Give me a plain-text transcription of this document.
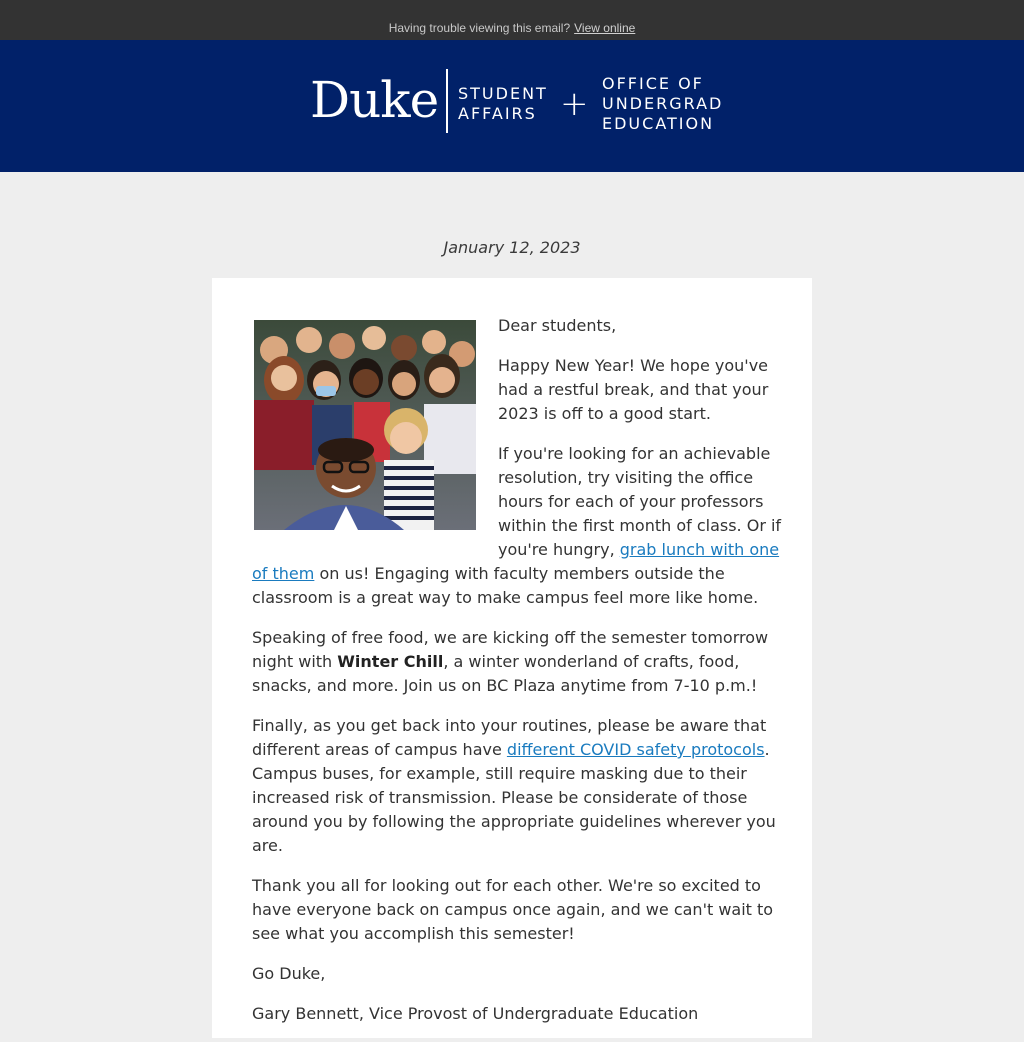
Having trouble viewing this email? View online
Duke STUDENT
AFFAIRS +
OFFICE OF
UNDERGRAD
EDUCATION
January 12, 2023

Dear students,

Happy New Year! We hope you've had a restful break, and that your 2023 is off to a good start.

If you're looking for an achievable resolution, try visiting the office hours for each of your professors within the first month of class. Or if you're hungry, grab lunch with one of them on us! Engaging with faculty members outside the classroom is a great way to make campus feel more like home.

Speaking of free food, we are kicking off the semester tomorrow night with Winter Chill, a winter wonderland of crafts, food, snacks, and more. Join us on BC Plaza anytime from 7-10 p.m.!

Finally, as you get back into your routines, please be aware that different areas of campus have different COVID safety protocols. Campus buses, for example, still require masking due to their increased risk of transmission. Please be considerate of those around you by following the appropriate guidelines wherever you are.

Thank you all for looking out for each other. We're so excited to have everyone back on campus once again, and we can't wait to see what you accomplish this semester!

Go Duke,

Gary Bennett, Vice Provost of Undergraduate Education
